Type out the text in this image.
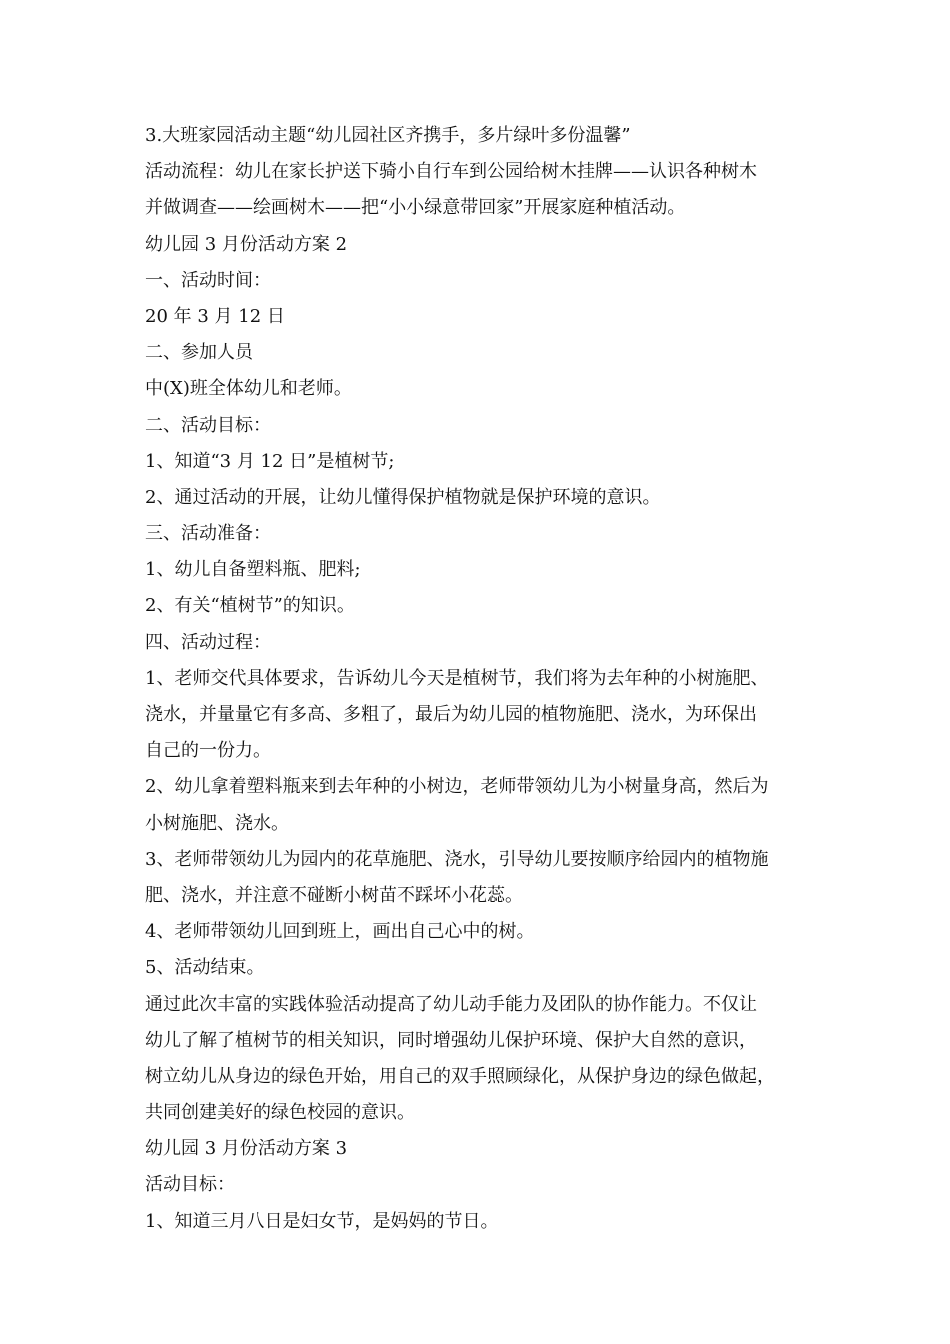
3.大班家园活动主题“幼儿园社区齐携手，多片绿叶多份温馨”

活动流程：幼儿在家长护送下骑小自行车到公园给树木挂牌——认识各种树木

并做调查——绘画树木——把“小小绿意带回家”开展家庭种植活动。

幼儿园 3 月份活动方案 2

一、活动时间：

20 年 3 月 12 日

二、参加人员

中(X)班全体幼儿和老师。

二、活动目标：

1、知道“3 月 12 日”是植树节;

2、通过活动的开展，让幼儿懂得保护植物就是保护环境的意识。

三、活动准备：

1、幼儿自备塑料瓶、肥料;

2、有关“植树节”的知识。

四、活动过程：

1、老师交代具体要求，告诉幼儿今天是植树节，我们将为去年种的小树施肥、

浇水，并量量它有多高、多粗了，最后为幼儿园的植物施肥、浇水，为环保出

自己的一份力。

2、幼儿拿着塑料瓶来到去年种的小树边，老师带领幼儿为小树量身高，然后为

小树施肥、浇水。

3、老师带领幼儿为园内的花草施肥、浇水，引导幼儿要按顺序给园内的植物施

肥、浇水，并注意不碰断小树苗不踩坏小花蕊。

4、老师带领幼儿回到班上，画出自己心中的树。

5、活动结束。

通过此次丰富的实践体验活动提高了幼儿动手能力及团队的协作能力。不仅让

幼儿了解了植树节的相关知识，同时增强幼儿保护环境、保护大自然的意识，

树立幼儿从身边的绿色开始，用自己的双手照顾绿化，从保护身边的绿色做起，

共同创建美好的绿色校园的意识。

幼儿园 3 月份活动方案 3

活动目标：

1、知道三月八日是妇女节，是妈妈的节日。
